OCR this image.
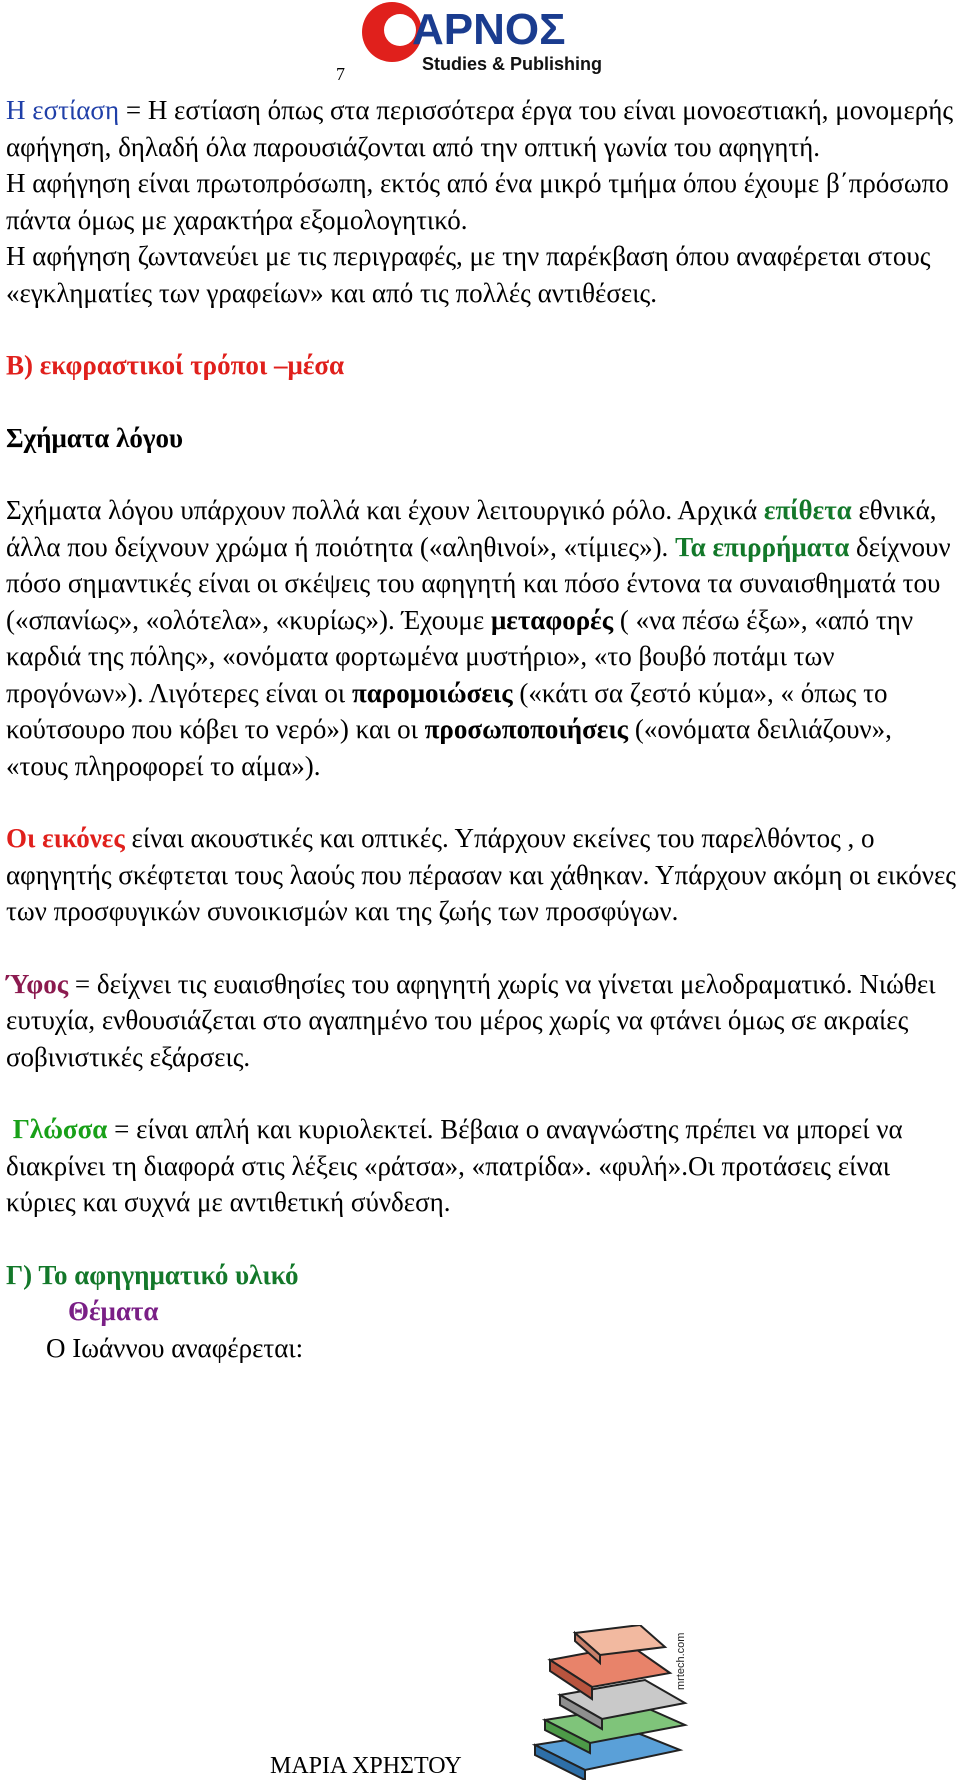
ΑΡΝΟΣ
Studies & Publishing
7

Η εστίαση = Η εστίαση όπως στα περισσότερα έργα του είναι μονοεστιακή, μονομερής αφήγηση, δηλαδή όλα παρουσιάζονται από την οπτική γωνία του αφηγητή.

Η αφήγηση είναι πρωτοπρόσωπη, εκτός από ένα μικρό τμήμα όπου έχουμε β΄πρόσωπο πάντα όμως με χαρακτήρα εξομολογητικό.

Η αφήγηση ζωντανεύει με τις περιγραφές, με την παρέκβαση όπου αναφέρεται στους «εγκληματίες των γραφείων» και από τις πολλές αντιθέσεις.

Β) εκφραστικοί τρόποι –μέσα

Σχήματα λόγου

Σχήματα λόγου υπάρχουν πολλά και έχουν λειτουργικό ρόλο. Αρχικά επίθετα εθνικά, άλλα που δείχνουν χρώμα ή ποιότητα («αληθινοί», «τίμιες»). Τα επιρρήματα δείχνουν πόσο σημαντικές είναι οι σκέψεις του αφηγητή και πόσο έντονα τα συναισθηματά του («σπανίως», «ολότελα», «κυρίως»). Έχουμε μεταφορές ( «να πέσω έξω», «από την καρδιά της πόλης», «ονόματα φορτωμένα μυστήριο», «το βουβό ποτάμι των προγόνων»). Λιγότερες είναι οι παρομοιώσεις («κάτι σα ζεστό κύμα», « όπως το κούτσουρο που κόβει το νερό») και οι προσωποποιήσεις («ονόματα δειλιάζουν», «τους πληροφορεί το αίμα»).

Οι εικόνες είναι ακουστικές και οπτικές. Υπάρχουν εκείνες του παρελθόντος , ο αφηγητής σκέφτεται τους λαούς που πέρασαν και χάθηκαν. Υπάρχουν ακόμη οι εικόνες των προσφυγικών συνοικισμών και της ζωής των προσφύγων.

Ύφος = δείχνει τις ευαισθησίες του αφηγητή χωρίς να γίνεται μελοδραματικό. Νιώθει ευτυχία, ενθουσιάζεται στο αγαπημένο του μέρος χωρίς να φτάνει όμως σε ακραίες σοβινιστικές εξάρσεις.

Γλώσσα = είναι απλή και κυριολεκτεί. Βέβαια ο αναγνώστης πρέπει να μπορεί να διακρίνει τη διαφορά στις λέξεις «ράτσα», «πατρίδα». «φυλή».Οι προτάσεις είναι κύριες και συχνά με αντιθετική σύνδεση.

Γ) Το αφηγηματικό υλικό

Θέματα

Ο Ιωάννου αναφέρεται:

mrtech.com
ΜΑΡΙΑ ΧΡΗΣΤΟΥ
